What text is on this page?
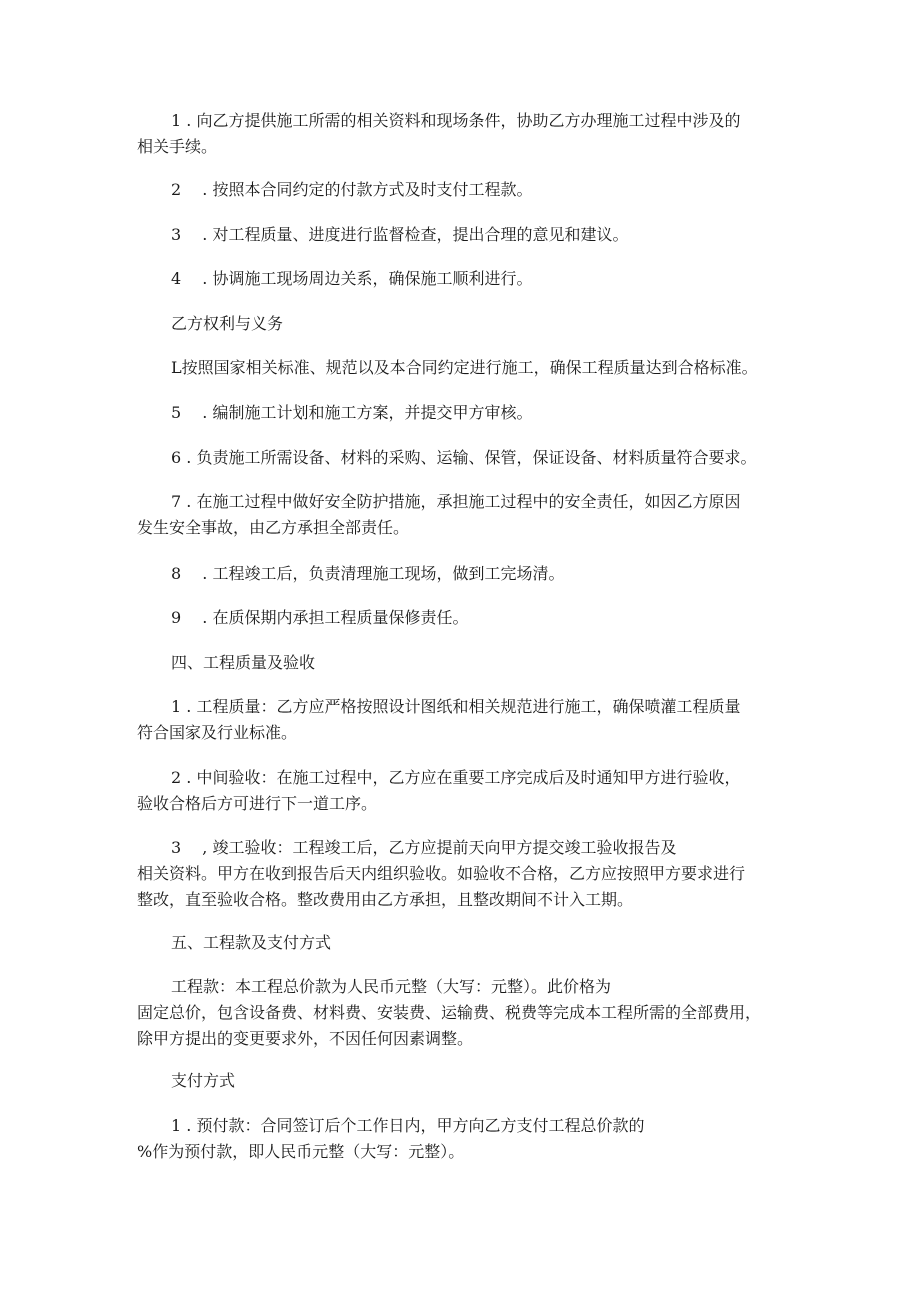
1 . 向乙方提供施工所需的相关资料和现场条件，协助乙方办理施工过程中涉及的
相关手续。
2　 . 按照本合同约定的付款方式及时支付工程款。
3　 . 对工程质量、进度进行监督检查，提出合理的意见和建议。
4　 . 协调施工现场周边关系，确保施工顺利进行。
乙方权利与义务
L按照国家相关标准、规范以及本合同约定进行施工，确保工程质量达到合格标准。
5　 . 编制施工计划和施工方案，并提交甲方审核。
6 . 负责施工所需设备、材料的采购、运输、保管，保证设备、材料质量符合要求。
7 . 在施工过程中做好安全防护措施，承担施工过程中的安全责任，如因乙方原因
发生安全事故，由乙方承担全部责任。
8　 . 工程竣工后，负责清理施工现场，做到工完场清。
9　 . 在质保期内承担工程质量保修责任。
四、工程质量及验收
1 . 工程质量：乙方应严格按照设计图纸和相关规范进行施工，确保喷灌工程质量
符合国家及行业标准。
2 . 中间验收：在施工过程中，乙方应在重要工序完成后及时通知甲方进行验收，
验收合格后方可进行下一道工序。
3　 , 竣工验收：工程竣工后，乙方应提前天向甲方提交竣工验收报告及
相关资料。甲方在收到报告后天内组织验收。如验收不合格，乙方应按照甲方要求进行
整改，直至验收合格。整改费用由乙方承担，且整改期间不计入工期。
五、工程款及支付方式
工程款：本工程总价款为人民币元整（大写：元整）。此价格为
固定总价，包含设备费、材料费、安装费、运输费、税费等完成本工程所需的全部费用，
除甲方提出的变更要求外，不因任何因素调整。
支付方式
1 . 预付款：合同签订后个工作日内，甲方向乙方支付工程总价款的
%作为预付款，即人民币元整（大写：元整）。
